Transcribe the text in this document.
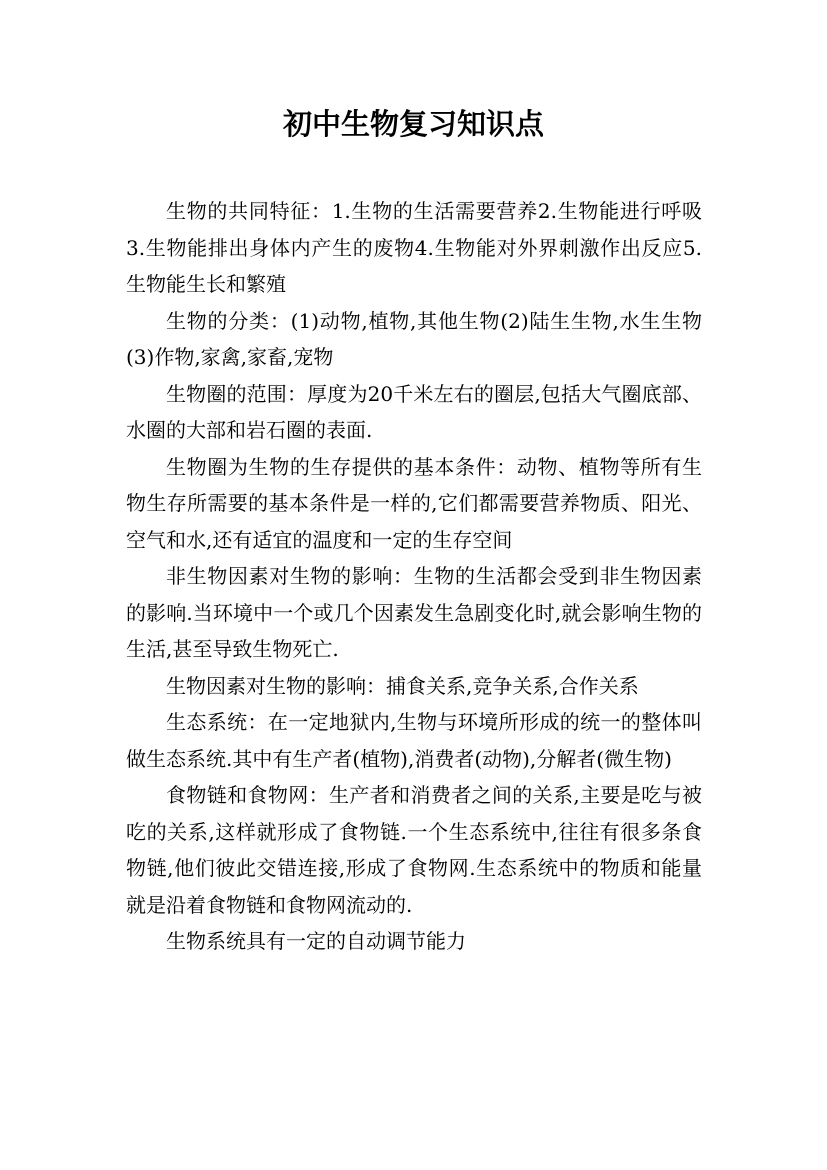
初中生物复习知识点

生物的共同特征：1.生物的生活需要营养2.生物能进行呼吸3.生物能排出身体内产生的废物4.生物能对外界刺激作出反应5.生物能生长和繁殖

生物的分类：(1)动物,植物,其他生物(2)陆生生物,水生生物(3)作物,家禽,家畜,宠物

生物圈的范围：厚度为20千米左右的圈层,包括大气圈底部、水圈的大部和岩石圈的表面.

生物圈为生物的生存提供的基本条件：动物、植物等所有生物生存所需要的基本条件是一样的,它们都需要营养物质、阳光、空气和水,还有适宜的温度和一定的生存空间

非生物因素对生物的影响：生物的生活都会受到非生物因素的影响.当环境中一个或几个因素发生急剧变化时,就会影响生物的生活,甚至导致生物死亡.

生物因素对生物的影响：捕食关系,竞争关系,合作关系

生态系统：在一定地狱内,生物与环境所形成的统一的整体叫做生态系统.其中有生产者(植物),消费者(动物),分解者(微生物)

食物链和食物网：生产者和消费者之间的关系,主要是吃与被吃的关系,这样就形成了食物链.一个生态系统中,往往有很多条食物链,他们彼此交错连接,形成了食物网.生态系统中的物质和能量就是沿着食物链和食物网流动的.

生物系统具有一定的自动调节能力
